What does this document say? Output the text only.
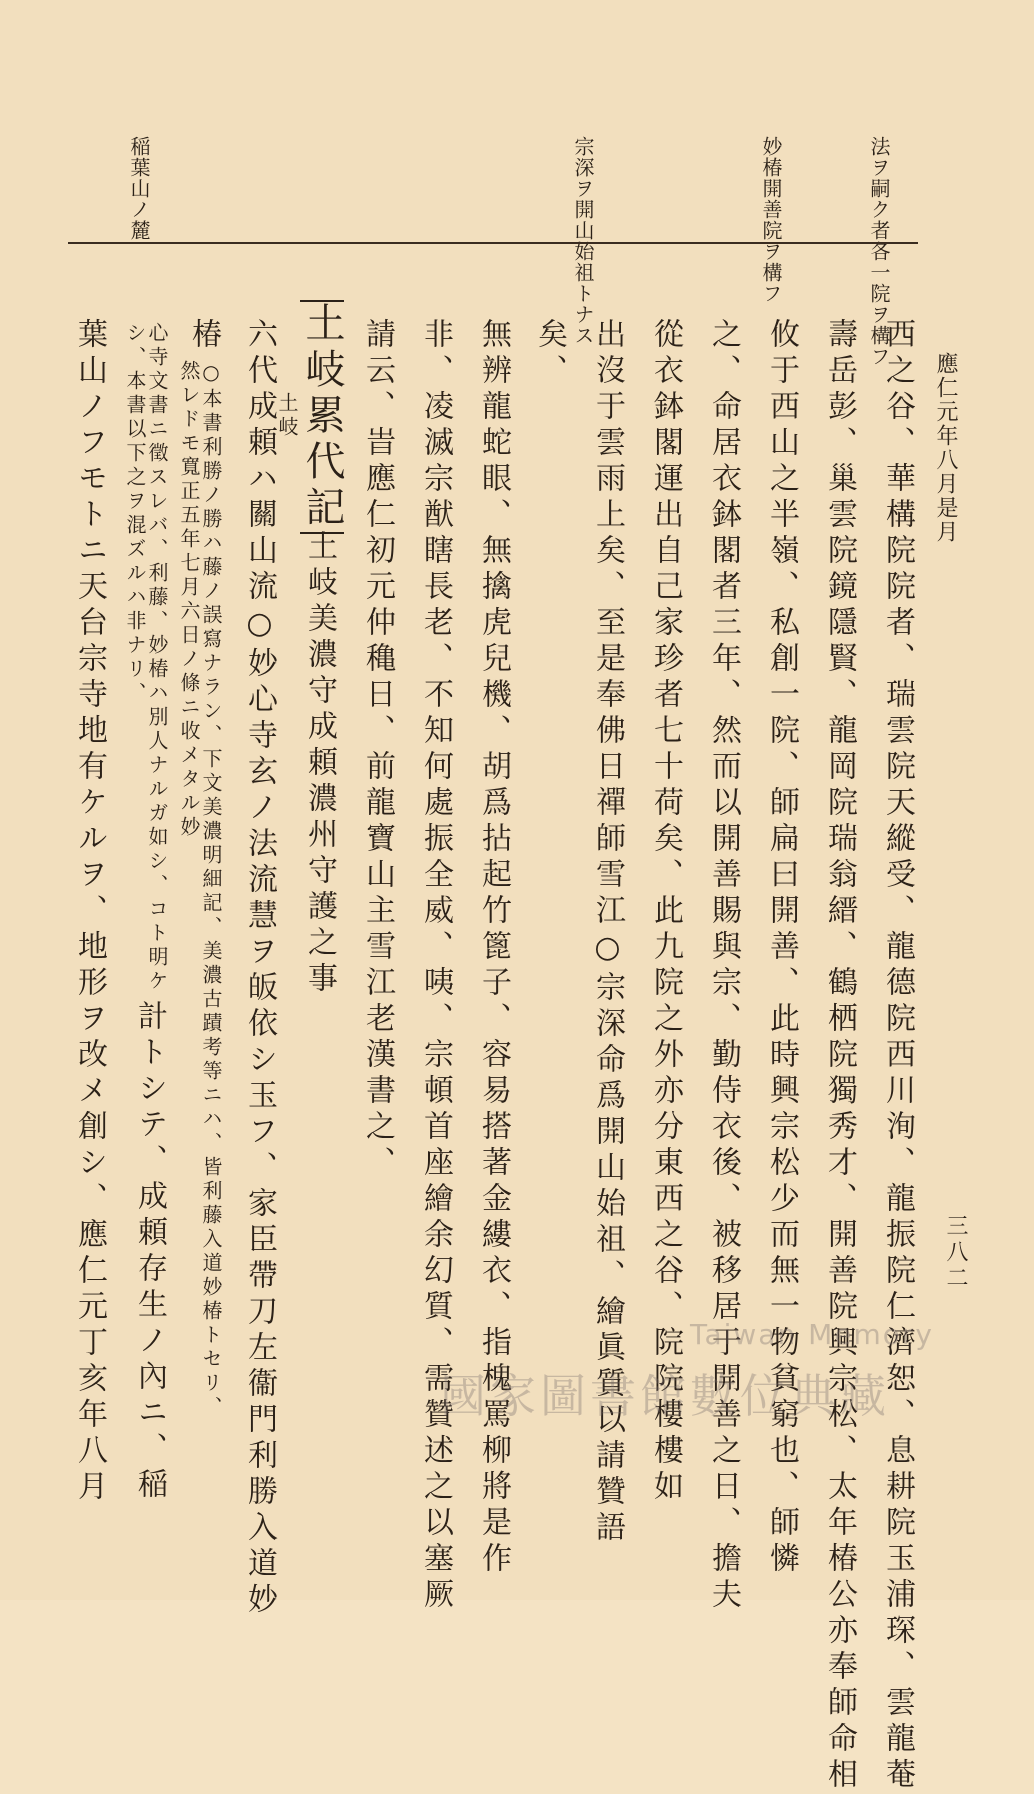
應仁元年八月是月
三八二
法ヲ嗣ク者各一院ヲ構フ
妙椿開善院ヲ構フ
宗深ヲ開山始祖トナス
稲葉山ノ麓
西之谷、華構院院者、瑞雲院天縱受、龍德院西川洵、龍振院仁濟恕、息耕院玉浦琛、雲龍菴
壽岳彭、巢雲院鏡隱賢、龍岡院瑞翁縉、鶴栖院獨秀才、開善院興宗松、太年椿公亦奉師命相
攸于西山之半嶺、私創一院、師扁曰開善、此時興宗松少而無一物貧窮也、師憐
之、命居衣鉢閣者三年、然而以開善賜與宗、勤侍衣後、被移居于開善之日、擔夫
從衣鉢閣運出自己家珍者七十荷矣、此九院之外亦分東西之谷、院院樓樓如
出沒于雲雨上矣、至是奉佛日禪師雪江○宗深命爲開山始祖、繪眞質以請贊語
矣、
無辨龍蛇眼、無擒虎兒機、胡爲拈起竹篦子、容易搭著金縷衣、指槐罵柳將是作
非、凌滅宗猷瞎長老、不知何處振全威、咦、宗頓首座繪余幻質、需贊述之以塞厥
請云、旹應仁初元仲穐日、前龍寶山主雪江老漢書之、
土岐累代記
土岐美濃守成頼濃州守護之事
六代成頼ハ關山流○妙心寺玄ノ法流慧ヲ皈依シ玉フ、家臣帶刀左衞門利勝入道妙
土岐
椿
○本書利勝ノ勝ハ藤ノ誤寫ナラン、下文美濃明細記、美濃古蹟考等ニハ、皆利藤入道妙椿トセリ、然レドモ寬正五年七月六日ノ條ニ收メタル妙
心寺文書ニ徵スレバ、利藤、妙椿ハ別人ナルガ如シ、コト明ケシ、本書以下之ヲ混ズルハ非ナリ、
計トシテ、成頼存生ノ內ニ、稲
葉山ノフモトニ天台宗寺地有ケルヲ、地形ヲ改メ創シ、應仁元丁亥年八月	Taiwan Memory
國家圖書館數位典藏
